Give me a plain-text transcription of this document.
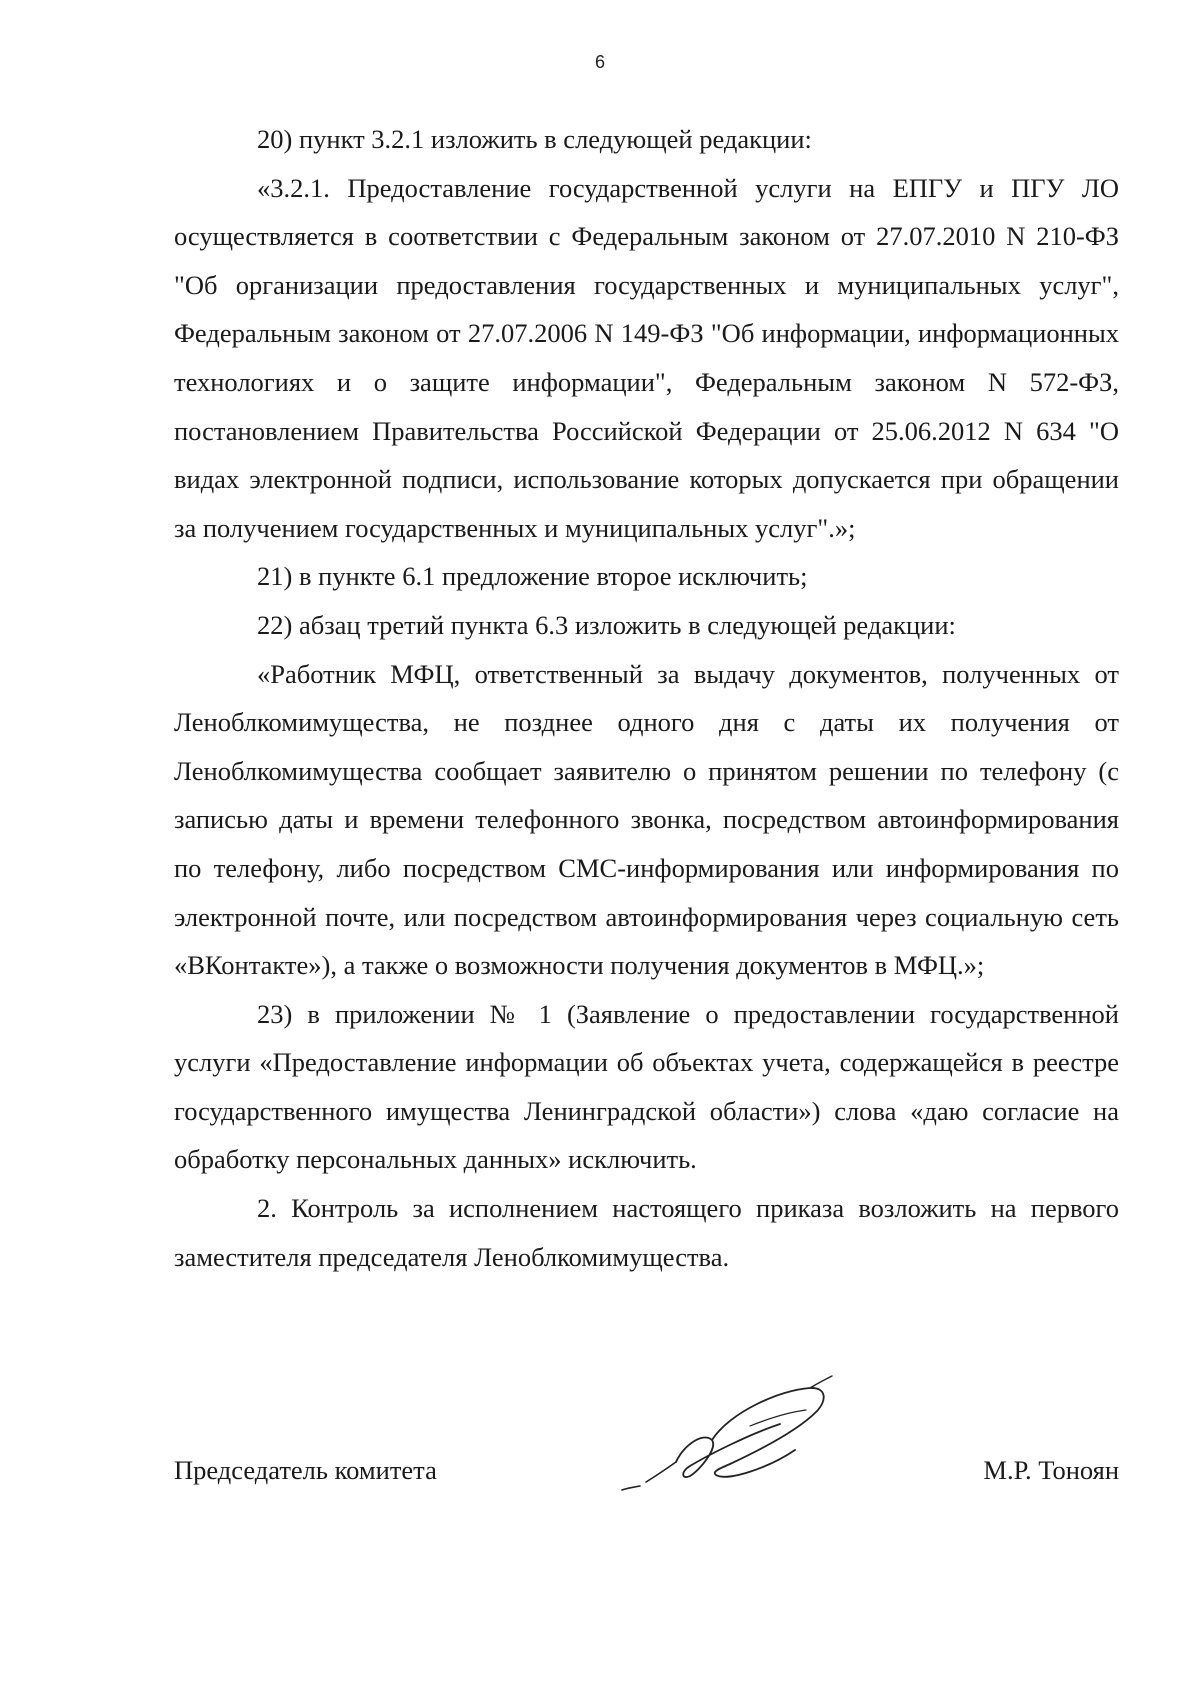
6

20) пункт 3.2.1 изложить в следующей редакции:

«3.2.1. Предоставление государственной услуги на ЕПГУ и ПГУ ЛО осуществляется в соответствии с Федеральным законом от 27.07.2010 N 210-ФЗ "Об организации предоставления государственных и муниципальных услуг", Федеральным законом от 27.07.2006 N 149-ФЗ "Об информации, информационных технологиях и о защите информации", Федеральным законом N 572-ФЗ, постановлением Правительства Российской Федерации от 25.06.2012 N 634 "О видах электронной подписи, использование которых допускается при обращении за получением государственных и муниципальных услуг".»;

21) в пункте 6.1 предложение второе исключить;

22) абзац третий пункта 6.3 изложить в следующей редакции:

«Работник МФЦ, ответственный за выдачу документов, полученных от Леноблкомимущества, не позднее одного дня с даты их получения от Леноблкомимущества сообщает заявителю о принятом решении по телефону (с записью даты и времени телефонного звонка, посредством автоинформирования по телефону, либо посредством СМС-информирования или информирования по электронной почте, или посредством автоинформирования через социальную сеть «ВКонтакте»), а также о возможности получения документов в МФЦ.»;

23) в приложении № 1 (Заявление о предоставлении государственной услуги «Предоставление информации об объектах учета, содержащейся в реестре государственного имущества Ленинградской области») слова «даю согласие на обработку персональных данных» исключить.

2. Контроль за исполнением настоящего приказа возложить на первого заместителя председателя Леноблкомимущества.

Председатель комитета	М.Р. Тоноян
